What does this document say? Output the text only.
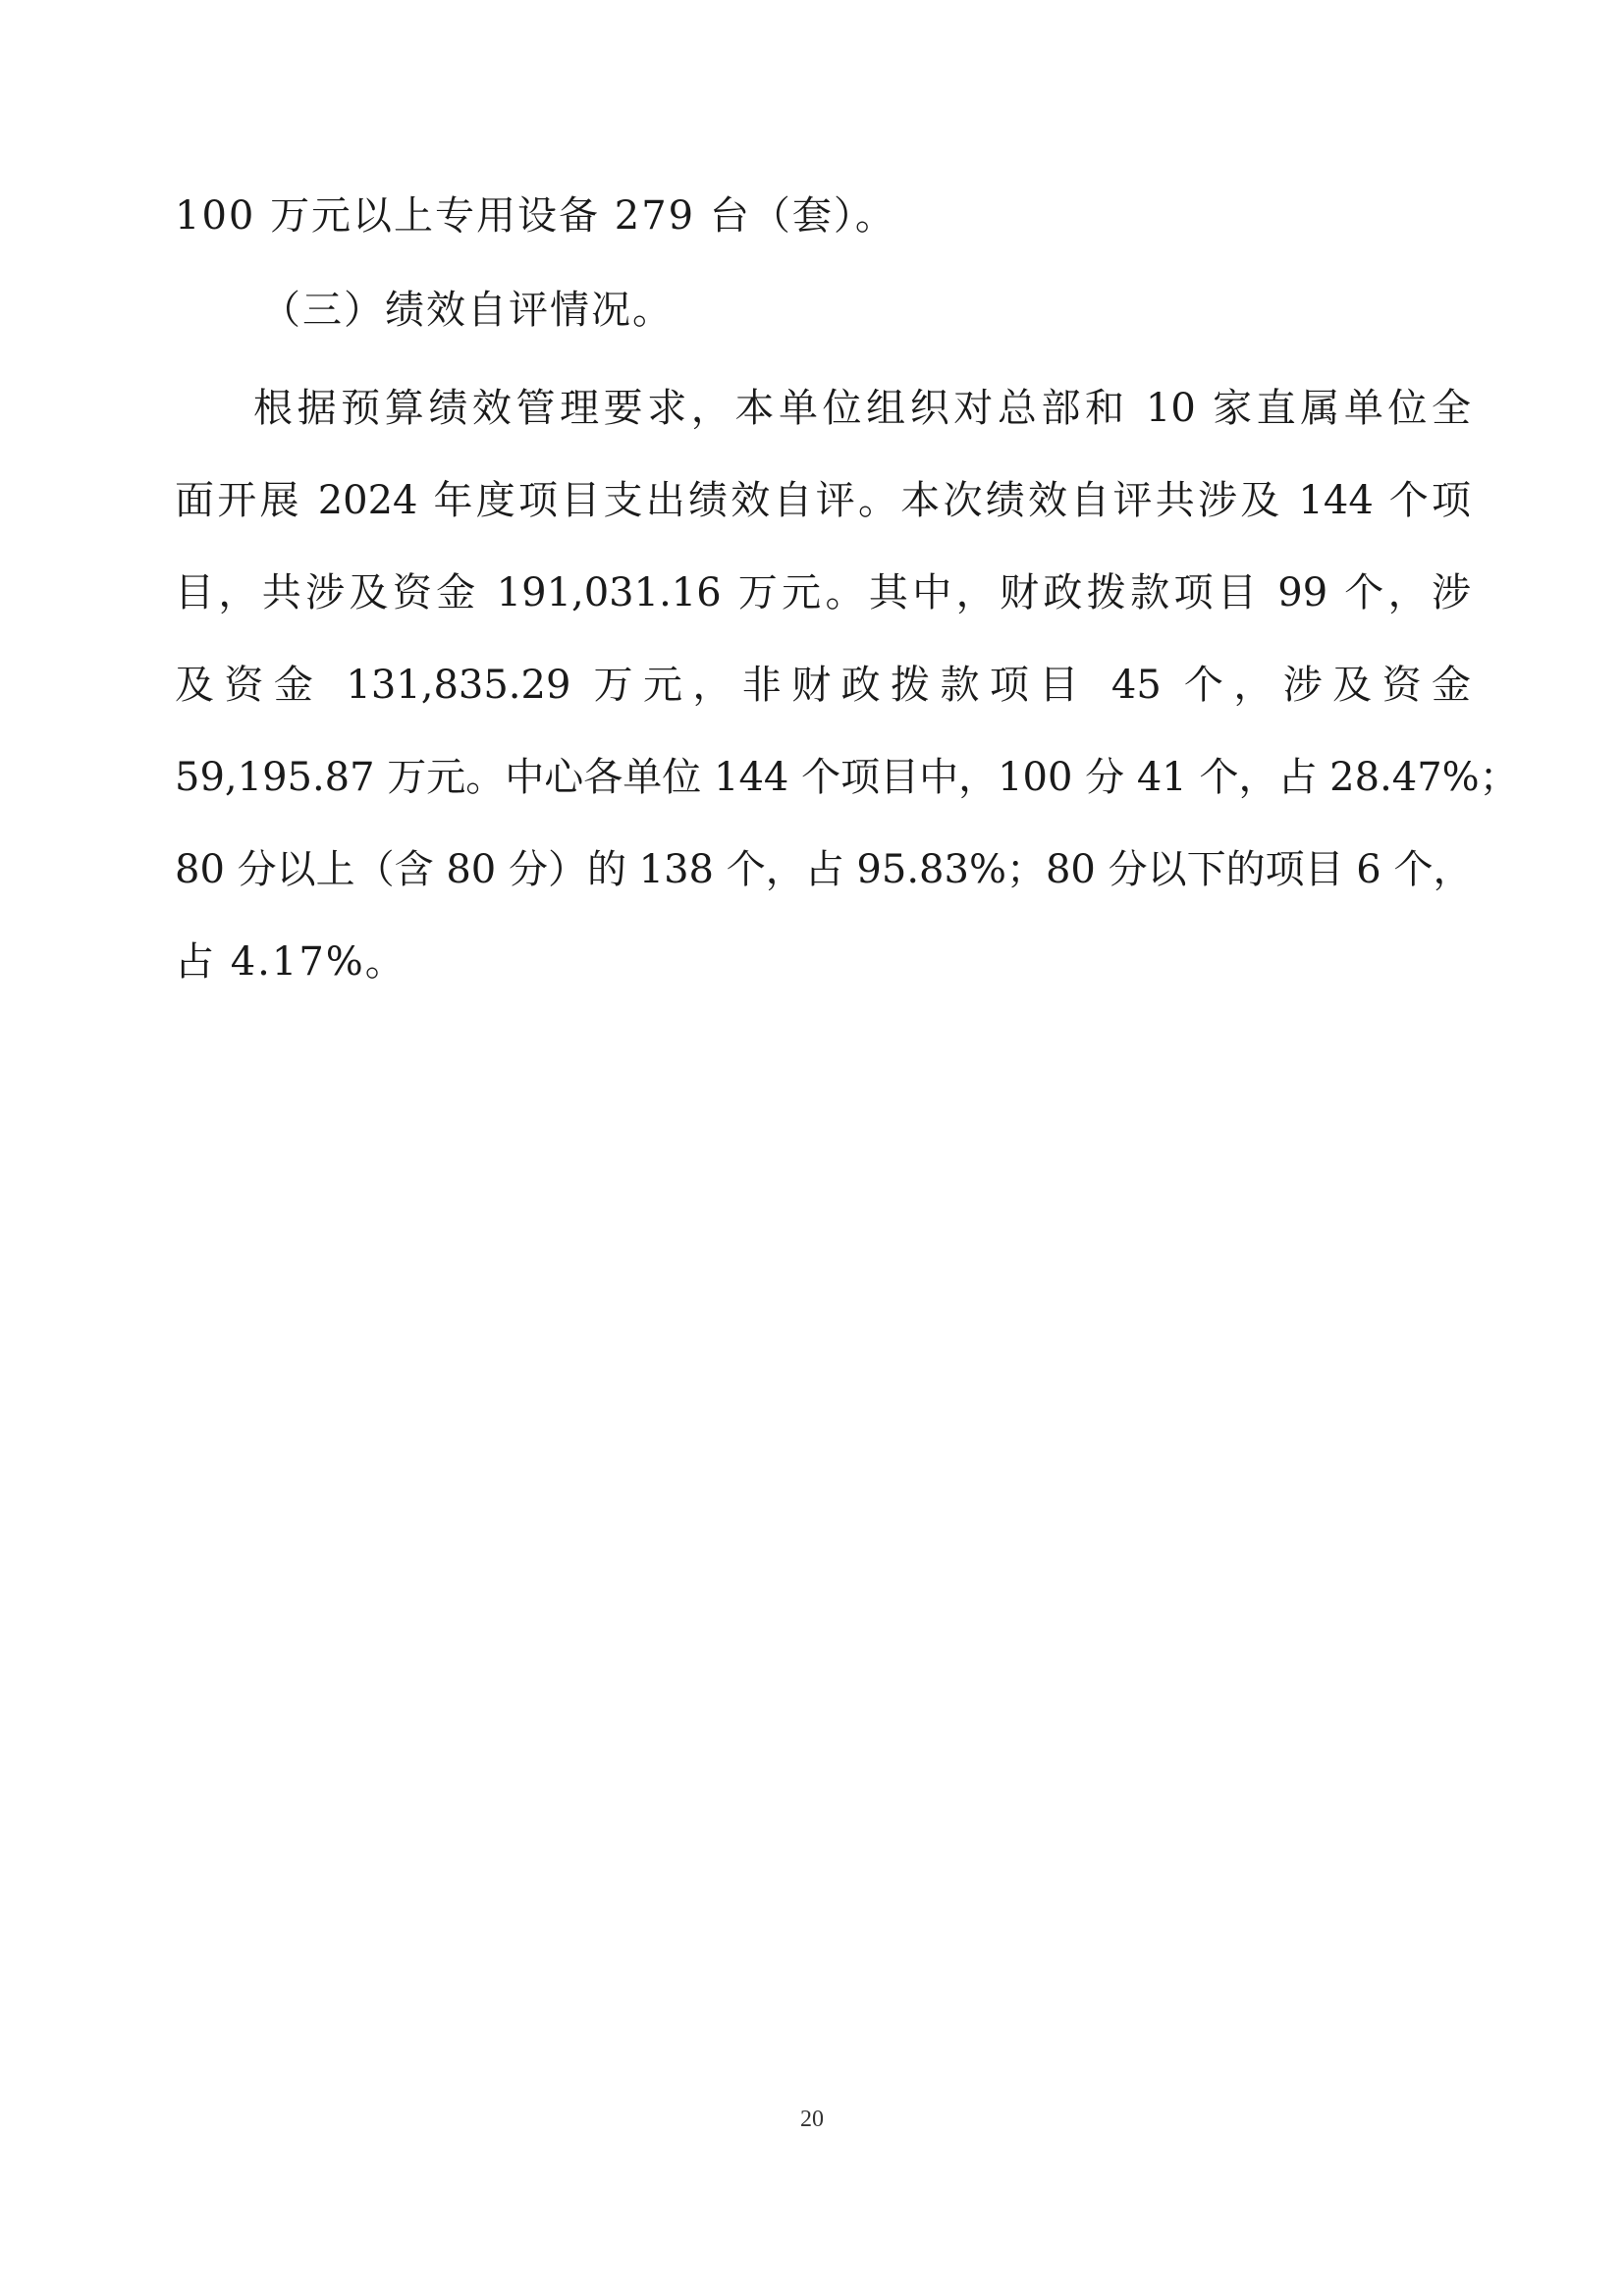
100 万元以上专用设备 279 台（套）。
（三）绩效自评情况。
根据预算绩效管理要求，本单位组织对总部和 10 家直属单位全
面开展 2024 年度项目支出绩效自评。本次绩效自评共涉及 144 个项
目，共涉及资金 191,031.16 万元。其中，财政拨款项目 99 个，涉
及资金 131,835.29 万元，非财政拨款项目 45 个，涉及资金
59,195.87 万元。中心各单位 144 个项目中，100 分 41 个，占 28.47%；
80 分以上（含 80 分）的 138 个，占 95.83%；80 分以下的项目 6 个，
占 4.17%。
20
